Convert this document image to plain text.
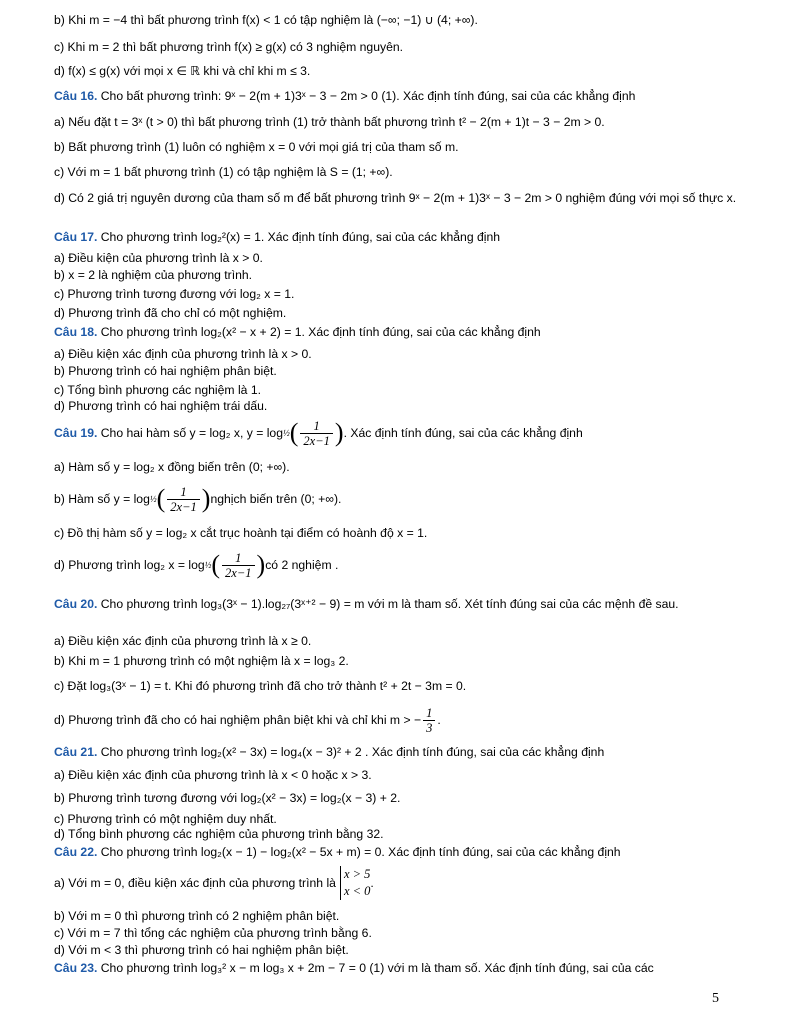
b) Khi m = −4 thì bất phương trình f(x) < 1 có tập nghiệm là (−∞; −1) ∪ (4; +∞).
c) Khi m = 2 thì bất phương trình f(x) ≥ g(x) có 3 nghiệm nguyên.
d) f(x) ≤ g(x) với mọi x ∈ ℝ khi và chỉ khi m ≤ 3.
Câu 16. Cho bất phương trình: 9ˣ − 2(m + 1)3ˣ − 3 − 2m > 0 (1). Xác định tính đúng, sai của các khẳng định
a) Nếu đặt t = 3ˣ (t > 0) thì bất phương trình (1) trở thành bất phương trình t² − 2(m + 1)t − 3 − 2m > 0.
b) Bất phương trình (1) luôn có nghiệm x = 0 với mọi giá trị của tham số m.
c) Với m = 1 bất phương trình (1) có tập nghiệm là S = (1; +∞).
d) Có 2 giá trị nguyên dương của tham số m để bất phương trình 9ˣ − 2(m + 1)3ˣ − 3 − 2m > 0 nghiệm đúng với mọi số thực x.
Câu 17. Cho phương trình log₂²(x) = 1. Xác định tính đúng, sai của các khẳng định
a) Điều kiện của phương trình là x > 0.
b) x = 2 là nghiệm của phương trình.
c) Phương trình tương đương với log₂ x = 1.
d) Phương trình đã cho chỉ có một nghiệm.
Câu 18. Cho phương trình log₂(x² − x + 2) = 1. Xác định tính đúng, sai của các khẳng định
a) Điều kiện xác định của phương trình là x > 0.
b) Phương trình có hai nghiệm phân biệt.
c) Tổng bình phương các nghiệm là 1.
d) Phương trình có hai nghiệm trái dấu.
Câu 19.
Cho hai hàm số y = log₂ x, y = log ½ ( $\frac{1}{2x-1}$ ) . Xác định tính đúng, sai của các khẳng định
a) Hàm số y = log₂ x đồng biến trên (0; +∞).
b) Hàm số y = log ½ ( $\frac{1}{2x-1}$ ) nghịch biến trên (0; +∞).
c) Đồ thị hàm số y = log₂ x cắt trục hoành tại điểm có hoành độ x = 1.
d) Phương trình log₂ x = log ½ ( $\frac{1}{2x-1}$ ) có 2 nghiệm .
Câu 20. Cho phương trình log₃(3ˣ − 1).log₂₇(3ˣ⁺² − 9) = m với m là tham số. Xét tính đúng sai của các mệnh đề sau.
a) Điều kiện xác định của phương trình là x ≥ 0.
b) Khi m = 1 phương trình có một nghiệm là x = log₃ 2.
c) Đặt log₃(3ˣ − 1) = t. Khi đó phương trình đã cho trở thành t² + 2t − 3m = 0.
d) Phương trình đã cho có hai nghiệm phân biệt khi và chỉ khi m > − $\frac{1}{3}$ .
Câu 21. Cho phương trình log₂(x² − 3x) = log₄(x − 3)² + 2 . Xác định tính đúng, sai của các khẳng định
a) Điều kiện xác định của phương trình là x < 0 hoặc x > 3.
b) Phương trình tương đương với log₂(x² − 3x) = log₂(x − 3) + 2.
c) Phương trình có một nghiệm duy nhất.
d) Tổng bình phương các nghiệm của phương trình bằng 32.
Câu 22. Cho phương trình log₂(x − 1) − log₂(x² − 5x + m) = 0. Xác định tính đúng, sai của các khẳng định
a) Với m = 0, điều kiện xác định của phương trình là
x > 5
x < 0
.
b) Với m = 0 thì phương trình có 2 nghiệm phân biệt.
c) Với m = 7 thì tổng các nghiệm của phương trình bằng 6.
d) Với m < 3 thì phương trình có hai nghiệm phân biệt.
Câu 23. Cho phương trình log₃² x − m log₃ x + 2m − 7 = 0 (1) với m là tham số. Xác định tính đúng, sai của các
5
